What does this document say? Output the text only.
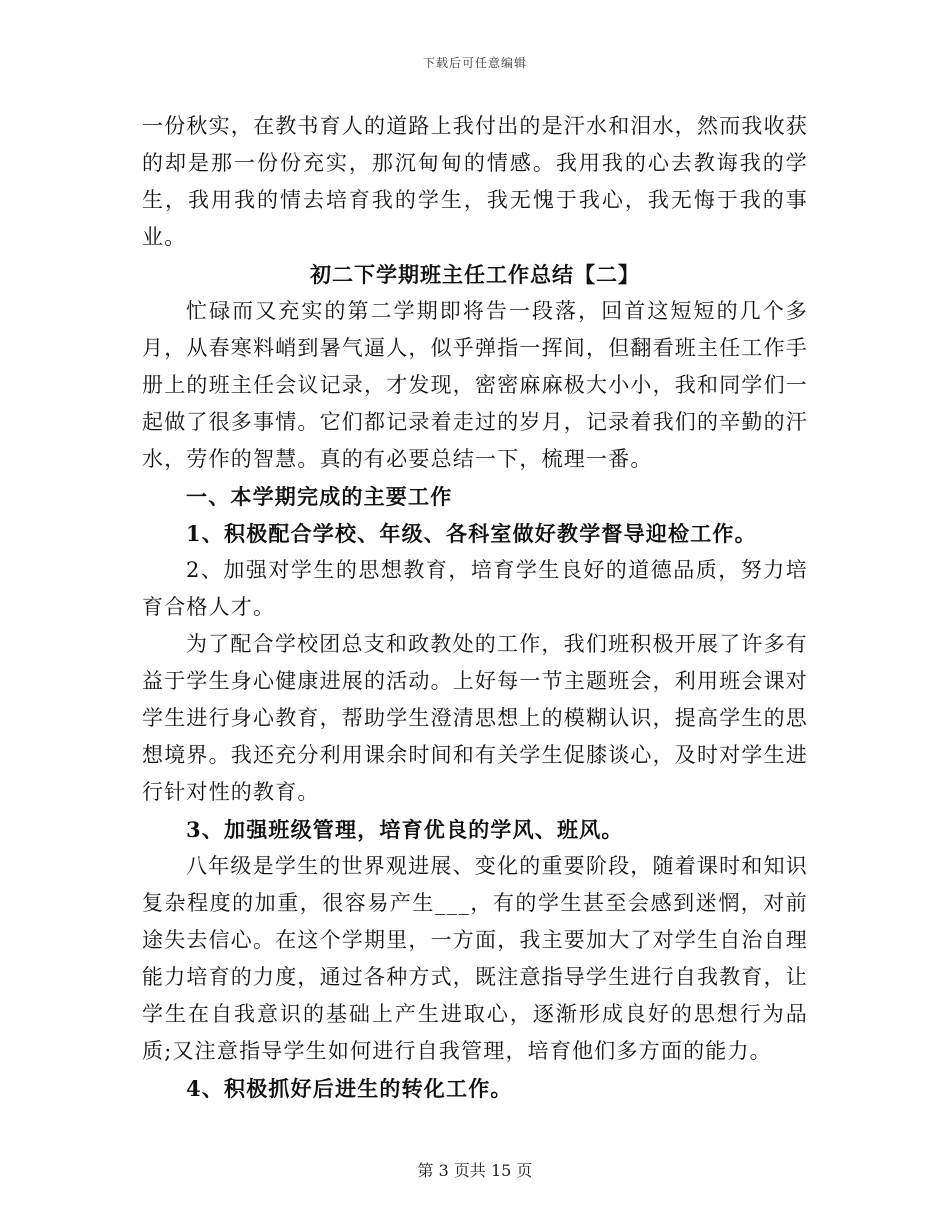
下载后可任意编辑

一份秋实，在教书育人的道路上我付出的是汗水和泪水，然而我收获的却是那一份份充实，那沉甸甸的情感。我用我的心去教诲我的学生，我用我的情去培育我的学生，我无愧于我心，我无悔于我的事业。

初二下学期班主任工作总结【二】

忙碌而又充实的第二学期即将告一段落，回首这短短的几个多月，从春寒料峭到暑气逼人，似乎弹指一挥间，但翻看班主任工作手册上的班主任会议记录，才发现，密密麻麻极大小小，我和同学们一起做了很多事情。它们都记录着走过的岁月，记录着我们的辛勤的汗水，劳作的智慧。真的有必要总结一下，梳理一番。

一、本学期完成的主要工作

1、积极配合学校、年级、各科室做好教学督导迎检工作。

2、加强对学生的思想教育，培育学生良好的道德品质，努力培育合格人才。

为了配合学校团总支和政教处的工作，我们班积极开展了许多有益于学生身心健康进展的活动。上好每一节主题班会，利用班会课对学生进行身心教育，帮助学生澄清思想上的模糊认识，提高学生的思想境界。我还充分利用课余时间和有关学生促膝谈心，及时对学生进行针对性的教育。

3、加强班级管理，培育优良的学风、班风。

八年级是学生的世界观进展、变化的重要阶段，随着课时和知识复杂程度的加重，很容易产生___，有的学生甚至会感到迷惘，对前途失去信心。在这个学期里，一方面，我主要加大了对学生自治自理能力培育的力度，通过各种方式，既注意指导学生进行自我教育，让学生在自我意识的基础上产生进取心，逐渐形成良好的思想行为品质;又注意指导学生如何进行自我管理，培育他们多方面的能力。

4、积极抓好后进生的转化工作。

第 3 页共 15 页
